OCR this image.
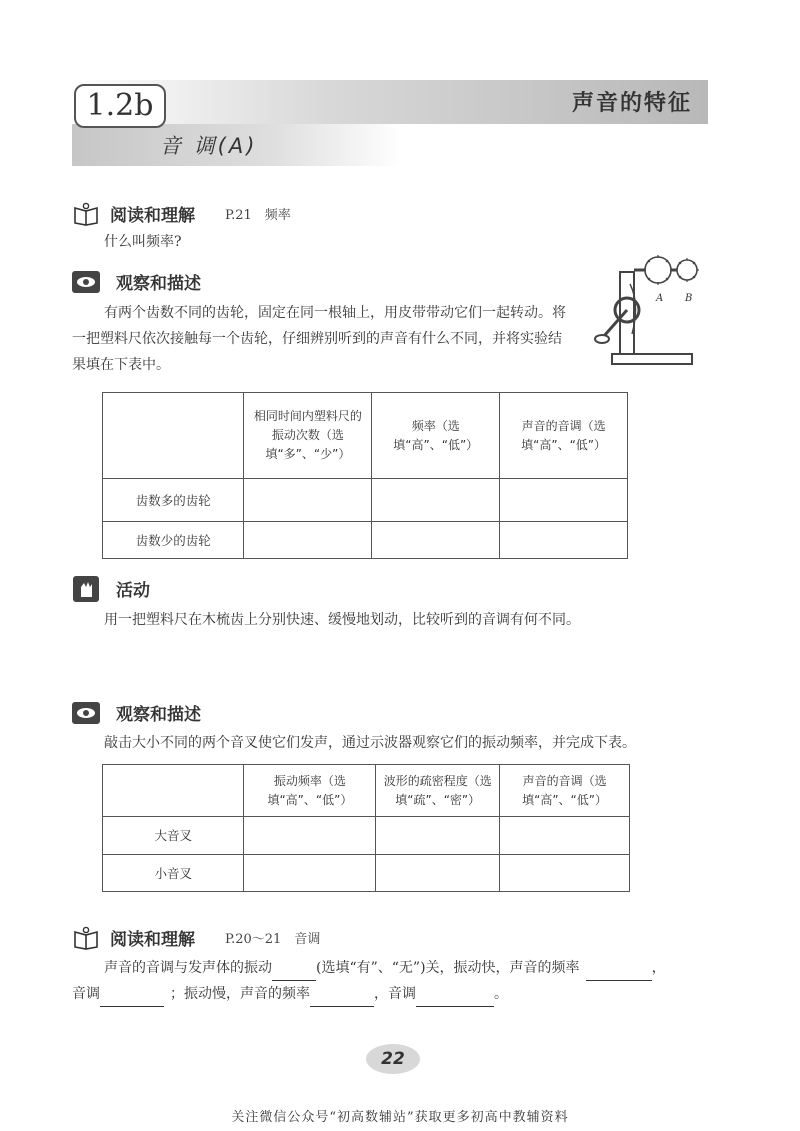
1.2b	声音的特征
音 调(A)
阅读和理解 P.21　频率
什么叫频率?
观察和描述
有两个齿数不同的齿轮，固定在同一根轴上，用皮带带动它们一起转动。将一把塑料尺依次接触每一个齿轮，仔细辨别听到的声音有什么不同，并将实验结果填在下表中。
A B
	相同时间内塑料尺的振动次数（选填“多”、“少”）	频率（选填“高”、“低”）	声音的音调（选填“高”、“低”）
齿数多的齿轮			
齿数少的齿轮			
活动
用一把塑料尺在木梳齿上分别快速、缓慢地划动，比较听到的音调有何不同。
观察和描述
敲击大小不同的两个音叉使它们发声，通过示波器观察它们的振动频率，并完成下表。
	振动频率（选填“高”、“低”）	波形的疏密程度（选填“疏”、“密”）	声音的音调（选填“高”、“低”）
大音叉			
小音叉			
阅读和理解 P.20～21　音调
声音的音调与发声体的振动	(选填“有”、“无”)关，振动快，声音的频率	，
音调	；振动慢，声音的频率	，音调	。
22
关注微信公众号“初高数辅站”获取更多初高中教辅资料
